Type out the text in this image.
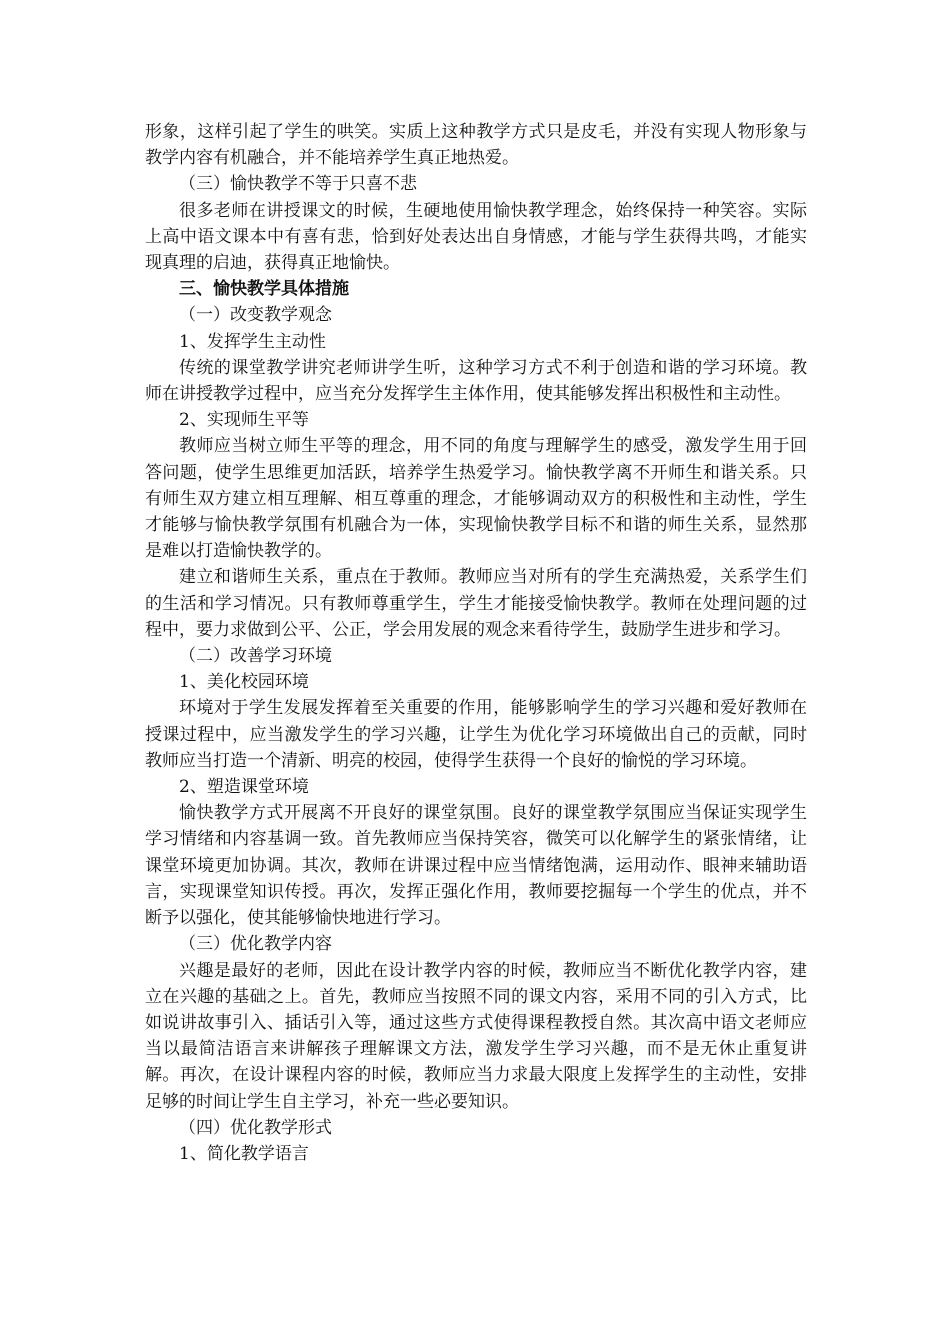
形象，这样引起了学生的哄笑。实质上这种教学方式只是皮毛，并没有实现人物形象与教学内容有机融合，并不能培养学生真正地热爱。

（三）愉快教学不等于只喜不悲

很多老师在讲授课文的时候，生硬地使用愉快教学理念，始终保持一种笑容。实际上高中语文课本中有喜有悲，恰到好处表达出自身情感，才能与学生获得共鸣，才能实现真理的启迪，获得真正地愉快。

三、愉快教学具体措施

（一）改变教学观念

1、发挥学生主动性

传统的课堂教学讲究老师讲学生听，这种学习方式不利于创造和谐的学习环境。教师在讲授教学过程中，应当充分发挥学生主体作用，使其能够发挥出积极性和主动性。

2、实现师生平等

教师应当树立师生平等的理念，用不同的角度与理解学生的感受，激发学生用于回答问题，使学生思维更加活跃，培养学生热爱学习。愉快教学离不开师生和谐关系。只有师生双方建立相互理解、相互尊重的理念，才能够调动双方的积极性和主动性，学生才能够与愉快教学氛围有机融合为一体，实现愉快教学目标不和谐的师生关系，显然那是难以打造愉快教学的。

建立和谐师生关系，重点在于教师。教师应当对所有的学生充满热爱，关系学生们的生活和学习情况。只有教师尊重学生，学生才能接受愉快教学。教师在处理问题的过程中，要力求做到公平、公正，学会用发展的观念来看待学生，鼓励学生进步和学习。

（二）改善学习环境

1、美化校园环境

环境对于学生发展发挥着至关重要的作用，能够影响学生的学习兴趣和爱好教师在授课过程中，应当激发学生的学习兴趣，让学生为优化学习环境做出自己的贡献，同时教师应当打造一个清新、明亮的校园，使得学生获得一个良好的愉悦的学习环境。

2、塑造课堂环境

愉快教学方式开展离不开良好的课堂氛围。良好的课堂教学氛围应当保证实现学生学习情绪和内容基调一致。首先教师应当保持笑容，微笑可以化解学生的紧张情绪，让课堂环境更加协调。其次，教师在讲课过程中应当情绪饱满，运用动作、眼神来辅助语言，实现课堂知识传授。再次，发挥正强化作用，教师要挖掘每一个学生的优点，并不断予以强化，使其能够愉快地进行学习。

（三）优化教学内容

兴趣是最好的老师，因此在设计教学内容的时候，教师应当不断优化教学内容，建立在兴趣的基础之上。首先，教师应当按照不同的课文内容，采用不同的引入方式，比如说讲故事引入、插话引入等，通过这些方式使得课程教授自然。其次高中语文老师应当以最简洁语言来讲解孩子理解课文方法，激发学生学习兴趣，而不是无休止重复讲解。再次，在设计课程内容的时候，教师应当力求最大限度上发挥学生的主动性，安排足够的时间让学生自主学习，补充一些必要知识。

（四）优化教学形式

1、简化教学语言
